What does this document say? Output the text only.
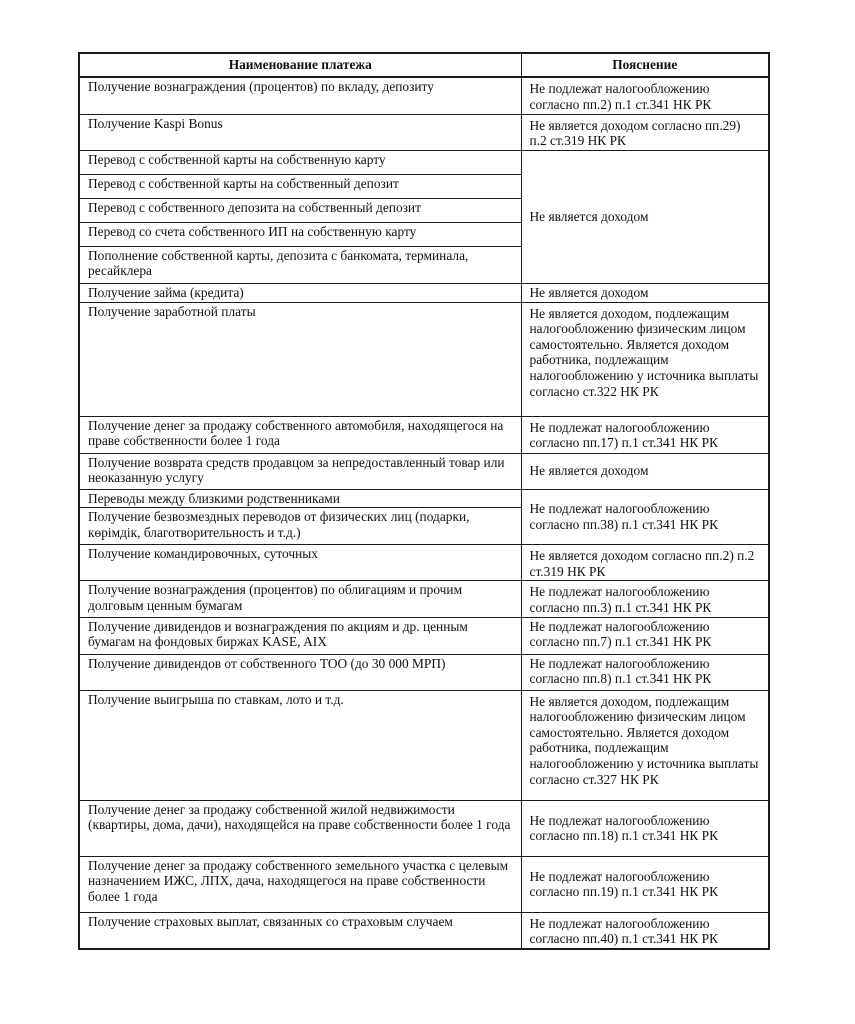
Наименование платежа	Пояснение
Получение вознаграждения (процентов) по вкладу, депозиту	Не подлежат налогообложению согласно пп.2) п.1 ст.341 НК РК
Получение Kaspi Bonus	Не является доходом согласно пп.29) п.2 ст.319 НК РК
Перевод с собственной карты на собственную карту	Не является доходом
Перевод с собственной карты на собственный депозит	
Перевод с собственного депозита на собственный депозит	
Перевод со счета собственного ИП на собственную карту	
Пополнение собственной карты, депозита с банкомата, терминала, ресайклера	
Получение займа (кредита)	Не является доходом
Получение заработной платы	Не является доходом, подлежащим налогообложению физическим лицом самостоятельно. Является доходом работника, подлежащим налогообложению у источника выплаты согласно ст.322 НК РК
Получение денег за продажу собственного автомобиля, находящегося на праве собственности более 1 года	Не подлежат налогообложению согласно пп.17) п.1 ст.341 НК РК
Получение возврата средств продавцом за непредоставленный товар или неоказанную услугу	Не является доходом
Переводы между близкими родственниками	Не подлежат налогообложению согласно пп.38) п.1 ст.341 НК РК
Получение безвозмездных переводов от физических лиц (подарки, көрімдік, благотворительность и т.д.)	
Получение командировочных, суточных	Не является доходом согласно пп.2) п.2 ст.319 НК РК
Получение вознаграждения (процентов) по облигациям и прочим долговым ценным бумагам	Не подлежат налогообложению согласно пп.3) п.1 ст.341 НК РК
Получение дивидендов и вознаграждения по акциям и др. ценным бумагам на фондовых биржах KASE, AIX	Не подлежат налогообложению согласно пп.7) п.1 ст.341 НК РК
Получение дивидендов от собственного ТОО (до 30 000 МРП)	Не подлежат налогообложению согласно пп.8) п.1 ст.341 НК РК
Получение выигрыша по ставкам, лото и т.д.	Не является доходом, подлежащим налогообложению физическим лицом самостоятельно. Является доходом работника, подлежащим налогообложению у источника выплаты согласно ст.327 НК РК
Получение денег за продажу собственной жилой недвижимости (квартиры, дома, дачи), находящейся на праве собственности более 1 года	Не подлежат налогообложению согласно пп.18) п.1 ст.341 НК РК
Получение денег за продажу собственного земельного участка с целевым назначением ИЖС, ЛПХ, дача, находящегося на праве собственности более 1 года	Не подлежат налогообложению согласно пп.19) п.1 ст.341 НК РК
Получение страховых выплат, связанных со страховым случаем	Не подлежат налогообложению согласно пп.40) п.1 ст.341 НК РК
